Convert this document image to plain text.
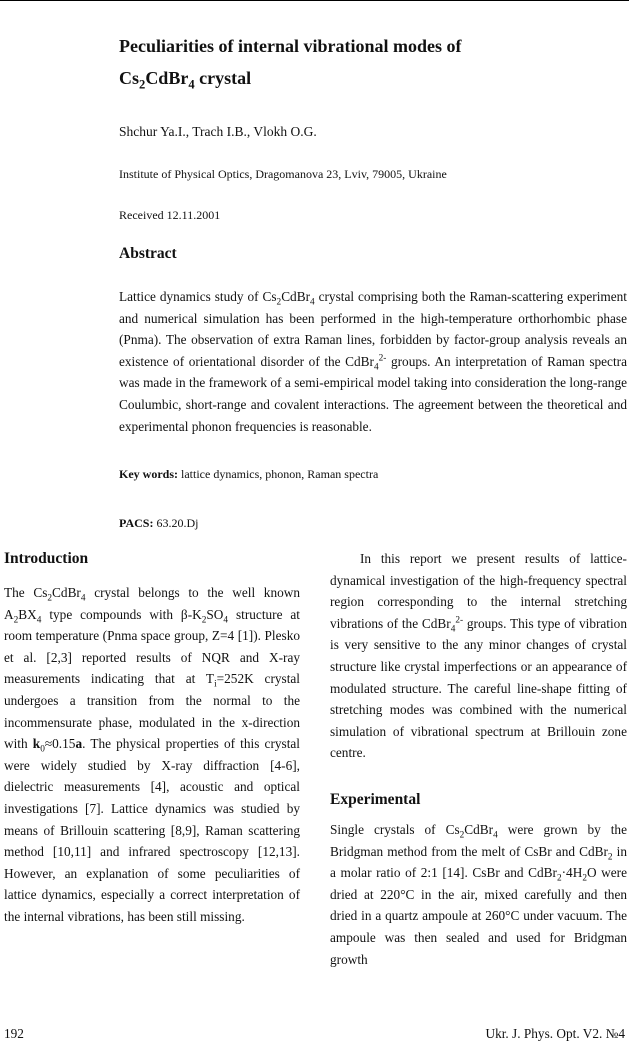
Peculiarities of internal vibrational modes of
$Cs_2CdBr_4$ crystal
Shchur Ya.I., Trach I.B., Vlokh O.G.
Institute of Physical Optics, Dragomanova 23, Lviv, 79005, Ukraine
Received 12.11.2001
Abstract
Lattice dynamics study of $Cs_2CdBr_4$ crystal comprising both the Raman-scattering experiment and numerical simulation has been performed in the high-temperature orthorhombic phase (Pnma). The observation of extra Raman lines, forbidden by factor-group analysis reveals an existence of orientational disorder of the CdBr$_4^{2-}$ groups. An interpretation of Raman spectra was made in the framework of a semi-empirical model taking into consideration the long-range Coulumbic, short-range and covalent interactions. The agreement between the theoretical and experimental phonon frequencies is reasonable.
Key words: lattice dynamics, phonon, Raman spectra
PACS: 63.20.Dj
Introduction
The $Cs_2CdBr_4$ crystal belongs to the well known $A_2BX_4$ type compounds with $\beta-K_2SO_4$ structure at room temperature (Pnma space group, Z=4 [1]). Plesko et al. [2,3] reported results of NQR and X-ray measurements indicating that at $T_i=252K$ crystal undergoes a transition from the normal to the incommensurate phase, modulated in the x-direction with $k_0\approx 0.15a$. The physical properties of this crystal were widely studied by X-ray diffraction [4-6], dielectric measurements [4], acoustic and optical investigations [7]. Lattice dynamics was studied by means of Brillouin scattering [8,9], Raman scattering method [10,11] and infrared spectroscopy [12,13]. However, an explanation of some peculiarities of lattice dynamics, especially a correct interpretation of the internal vibrations, has been still missing.
In this report we present results of lattice-dynamical investigation of the high-frequency spectral region corresponding to the internal stretching vibrations of the CdBr$_4^{2-}$ groups. This type of vibration is very sensitive to the any minor changes of crystal structure like crystal imperfections or an appearance of modulated structure. The careful line-shape fitting of stretching modes was combined with the numerical simulation of vibrational spectrum at Brillouin zone centre.
Experimental
Single crystals of $Cs_2CdBr_4$ were grown by the Bridgman method from the melt of CsBr and CdBr$_2$ in a molar ratio of 2:1 [14]. CsBr and $CdBr_2\cdot 4H_2O$ were dried at 220°C in the air, mixed carefully and then dried in a quartz ampoule at 260°C under vacuum. The ampoule was then sealed and used for Bridgman growth
192	Ukr. J. Phys. Opt. V2. №4
